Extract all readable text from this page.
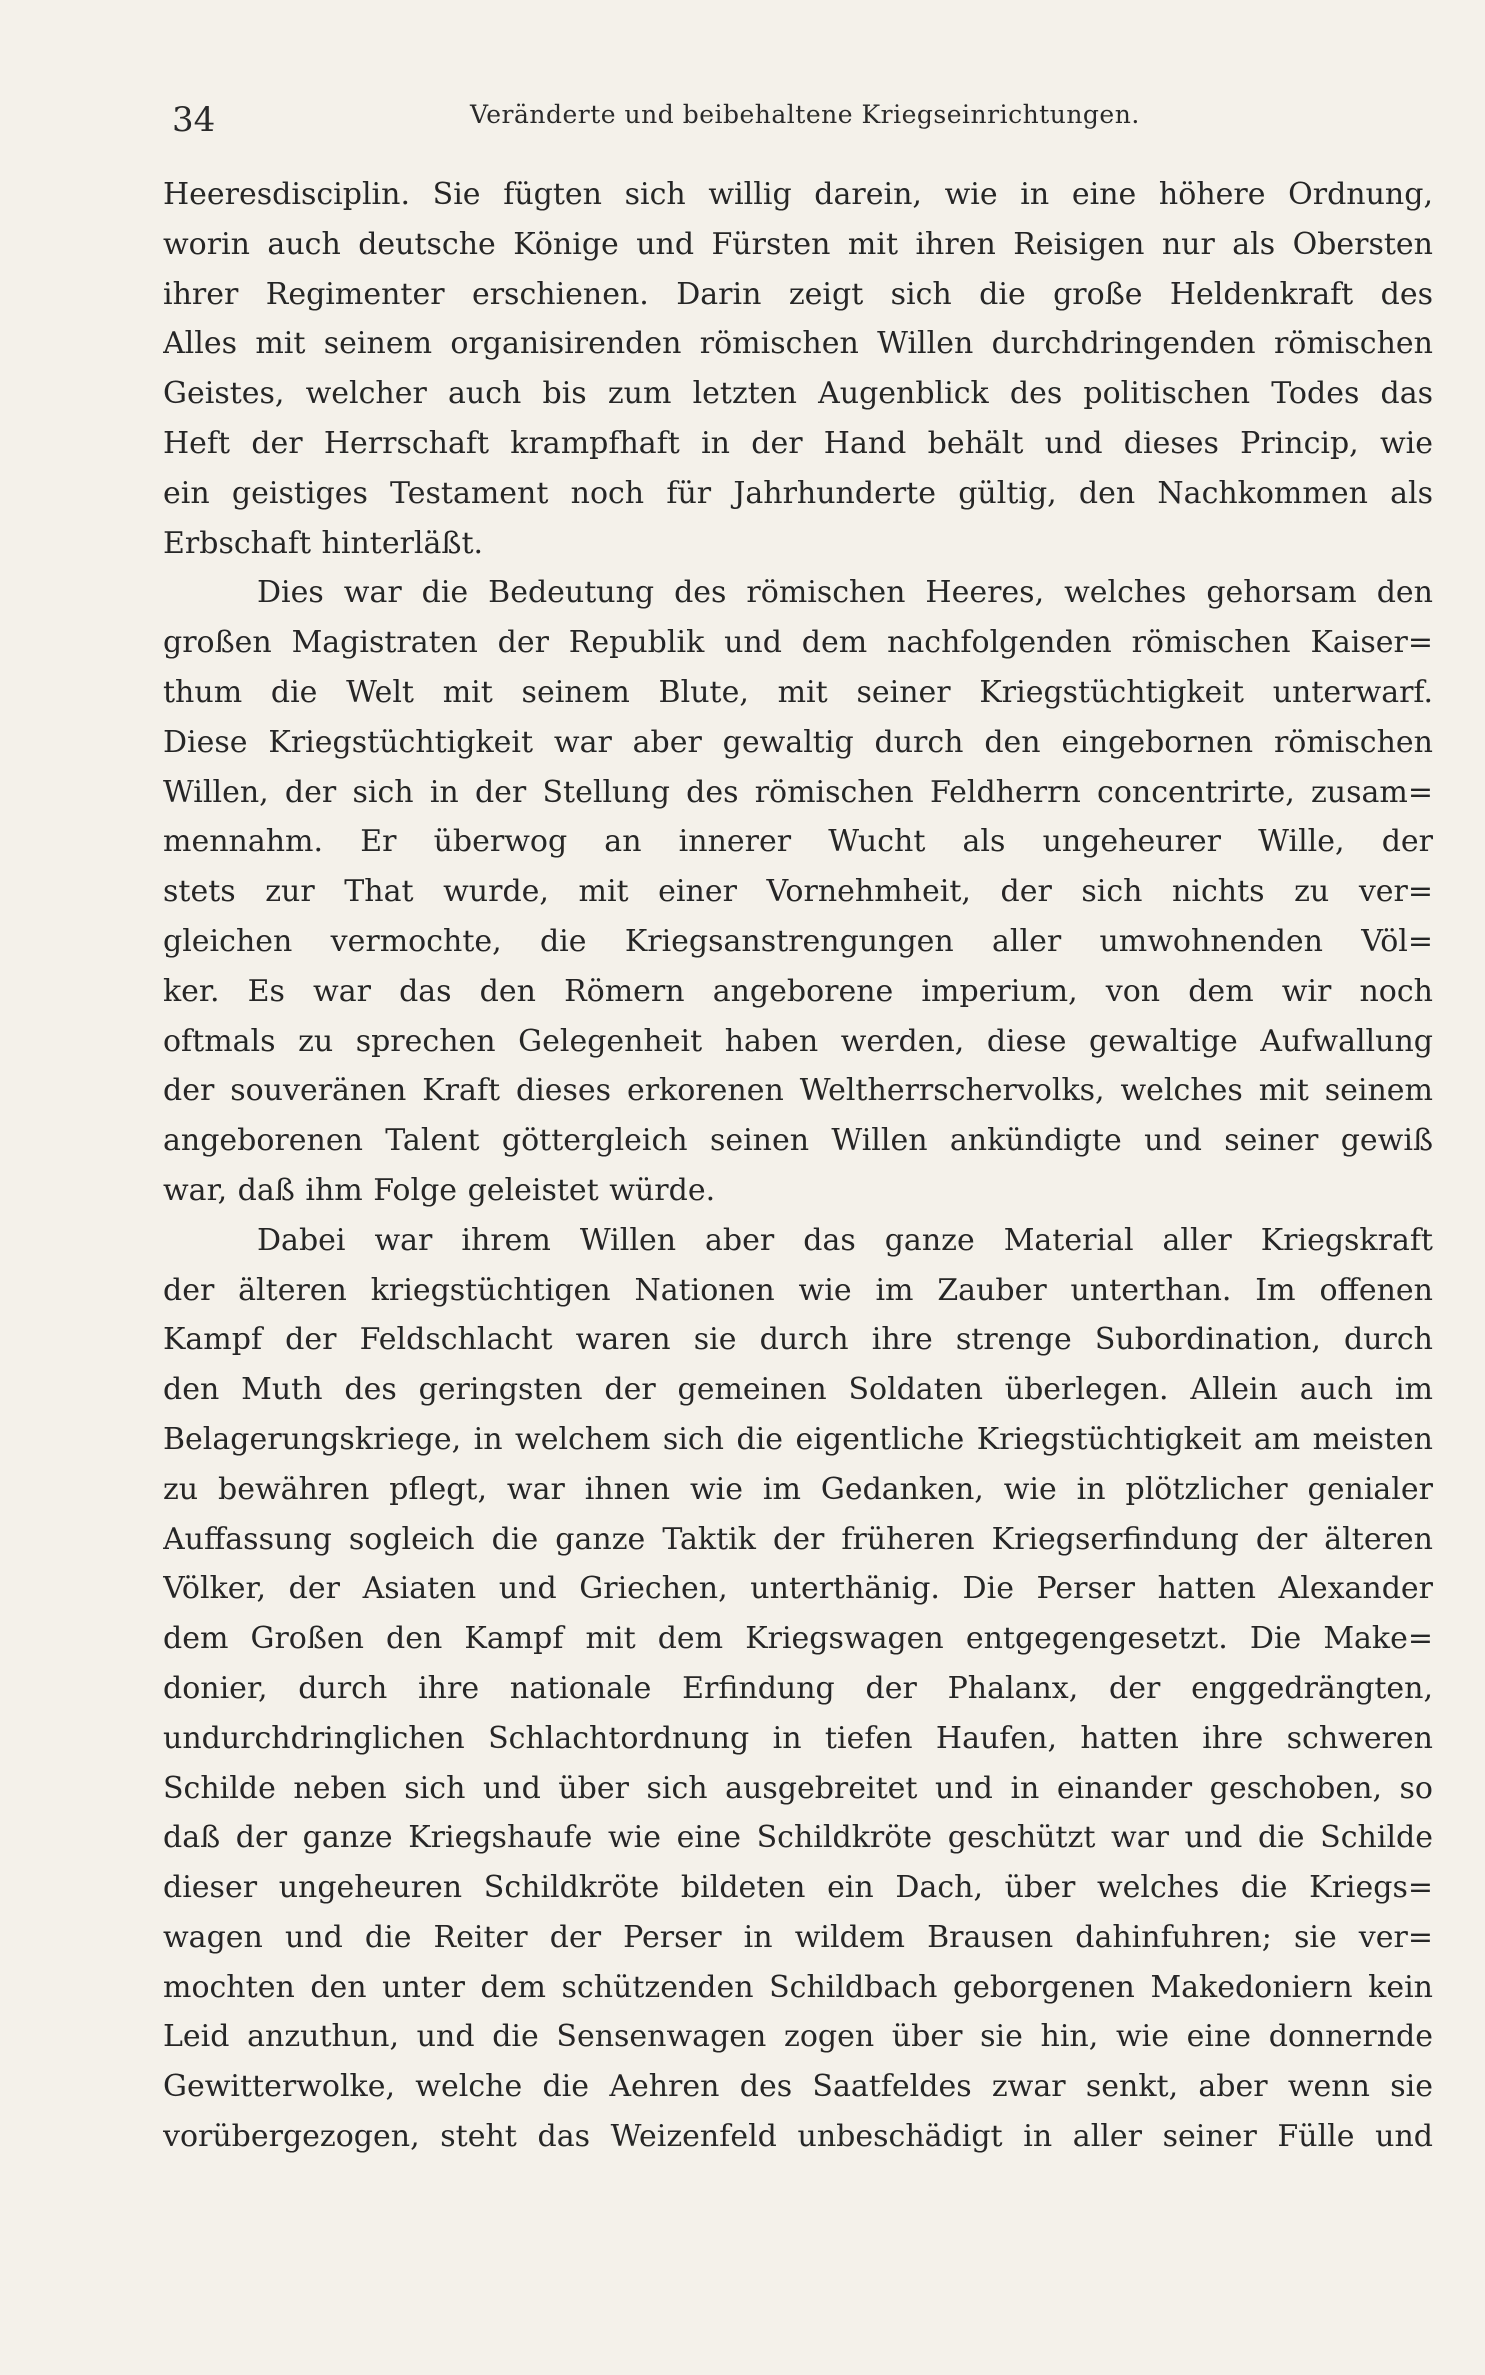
34	Veränderte und beibehaltene Kriegseinrichtungen.
Heeresdisciplin. Sie fügten sich willig darein, wie in eine höhere Ordnung,
worin auch deutsche Könige und Fürsten mit ihren Reisigen nur als Obersten
ihrer Regimenter erschienen. Darin zeigt sich die große Heldenkraft des
Alles mit seinem organisirenden römischen Willen durchdringenden römischen
Geistes, welcher auch bis zum letzten Augenblick des politischen Todes das
Heft der Herrschaft krampfhaft in der Hand behält und dieses Princip, wie
ein geistiges Testament noch für Jahrhunderte gültig, den Nachkommen als
Erbschaft hinterläßt.
Dies war die Bedeutung des römischen Heeres, welches gehorsam den
großen Magistraten der Republik und dem nachfolgenden römischen Kaiser=
thum die Welt mit seinem Blute, mit seiner Kriegstüchtigkeit unterwarf.
Diese Kriegstüchtigkeit war aber gewaltig durch den eingebornen römischen
Willen, der sich in der Stellung des römischen Feldherrn concentrirte, zusam=
mennahm. Er überwog an innerer Wucht als ungeheurer Wille, der
stets zur That wurde, mit einer Vornehmheit, der sich nichts zu ver=
gleichen vermochte, die Kriegsanstrengungen aller umwohnenden Völ=
ker. Es war das den Römern angeborene imperium, von dem wir noch
oftmals zu sprechen Gelegenheit haben werden, diese gewaltige Aufwallung
der souveränen Kraft dieses erkorenen Weltherrschervolks, welches mit seinem
angeborenen Talent göttergleich seinen Willen ankündigte und seiner gewiß
war, daß ihm Folge geleistet würde.
Dabei war ihrem Willen aber das ganze Material aller Kriegskraft
der älteren kriegstüchtigen Nationen wie im Zauber unterthan. Im offenen
Kampf der Feldschlacht waren sie durch ihre strenge Subordination, durch
den Muth des geringsten der gemeinen Soldaten überlegen. Allein auch im
Belagerungskriege, in welchem sich die eigentliche Kriegstüchtigkeit am meisten
zu bewähren pflegt, war ihnen wie im Gedanken, wie in plötzlicher genialer
Auffassung sogleich die ganze Taktik der früheren Kriegserfindung der älteren
Völker, der Asiaten und Griechen, unterthänig. Die Perser hatten Alexander
dem Großen den Kampf mit dem Kriegswagen entgegengesetzt. Die Make=
donier, durch ihre nationale Erfindung der Phalanx, der enggedrängten,
undurchdringlichen Schlachtordnung in tiefen Haufen, hatten ihre schweren
Schilde neben sich und über sich ausgebreitet und in einander geschoben, so
daß der ganze Kriegshaufe wie eine Schildkröte geschützt war und die Schilde
dieser ungeheuren Schildkröte bildeten ein Dach, über welches die Kriegs=
wagen und die Reiter der Perser in wildem Brausen dahinfuhren; sie ver=
mochten den unter dem schützenden Schildbach geborgenen Makedoniern kein
Leid anzuthun, und die Sensenwagen zogen über sie hin, wie eine donnernde
Gewitterwolke, welche die Aehren des Saatfeldes zwar senkt, aber wenn sie
vorübergezogen, steht das Weizenfeld unbeschädigt in aller seiner Fülle und
